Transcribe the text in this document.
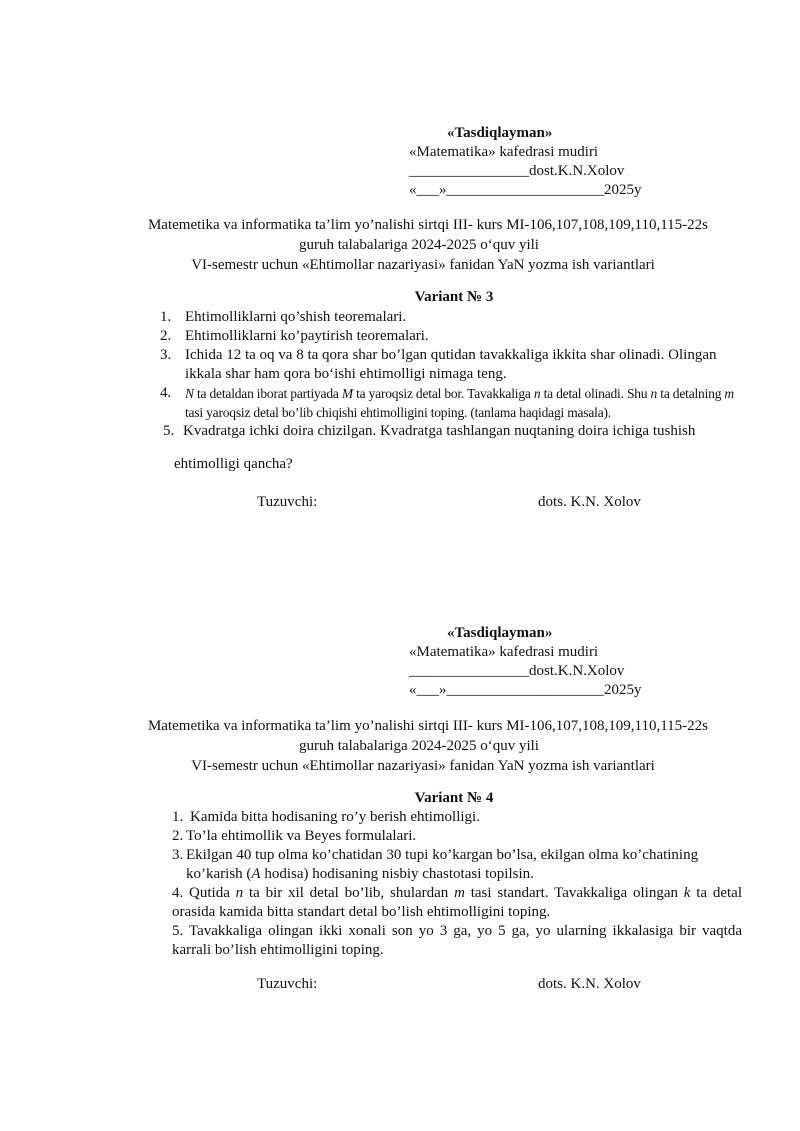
«Tasdiqlayman»
«Matematika» kafedrasi mudiri
________________dost.K.N.Xolov
«___»_____________________2025y
Matemetika va informatika ta’lim yo’nalishi sirtqi III- kurs MI-106,107,108,109,110,115-22s
guruh talabalariga 2024-2025 o‘quv yili
VI-semestr uchun «Ehtimollar nazariyasi» fanidan YaN yozma ish variantlari
Variant № 3
1. Ehtimolliklarni qo’shish teoremalari.
2. Ehtimolliklarni ko’paytirish teoremalari.
3. Ichida 12 ta oq va 8 ta qora shar bo’lgan qutidan tavakkaliga ikkita shar olinadi. Olingan ikkala shar ham qora bo‘ishi ehtimolligi nimaga teng.
4. N ta detaldan iborat partiyada M ta yaroqsiz detal bor. Tavakkaliga n ta detal olinadi. Shu n ta detalning m tasi yaroqsiz detal bo’lib chiqishi ehtimolligini toping. (tanlama haqidagi masala).
5. Kvadratga ichki doira chizilgan. Kvadratga tashlangan nuqtaning doira ichiga tushish
ehtimolligi qancha?
Tuzuvchi:	dots. K.N. Xolov
«Tasdiqlayman»
«Matematika» kafedrasi mudiri
________________dost.K.N.Xolov
«___»_____________________2025y
Matemetika va informatika ta’lim yo’nalishi sirtqi III- kurs MI-106,107,108,109,110,115-22s
guruh talabalariga 2024-2025 o‘quv yili
VI-semestr uchun «Ehtimollar nazariyasi» fanidan YaN yozma ish variantlari
Variant № 4
1. Kamida bitta hodisaning ro’y berish ehtimolligi.
2. To’la ehtimollik va Beyes formulalari.
3. Ekilgan 40 tup olma ko’chatidan 30 tupi ko’kargan bo’lsa, ekilgan olma ko’chatining ko’karish (A hodisa) hodisaning nisbiy chastotasi topilsin.
4. Qutida n ta bir xil detal bo’lib, shulardan m tasi standart. Tavakkaliga olingan k ta detal orasida kamida bitta standart detal bo’lish ehtimolligini toping.
5. Tavakkaliga olingan ikki xonali son yo 3 ga, yo 5 ga, yo ularning ikkalasiga bir vaqtda karrali bo’lish ehtimolligini toping.
Tuzuvchi:	dots. K.N. Xolov
